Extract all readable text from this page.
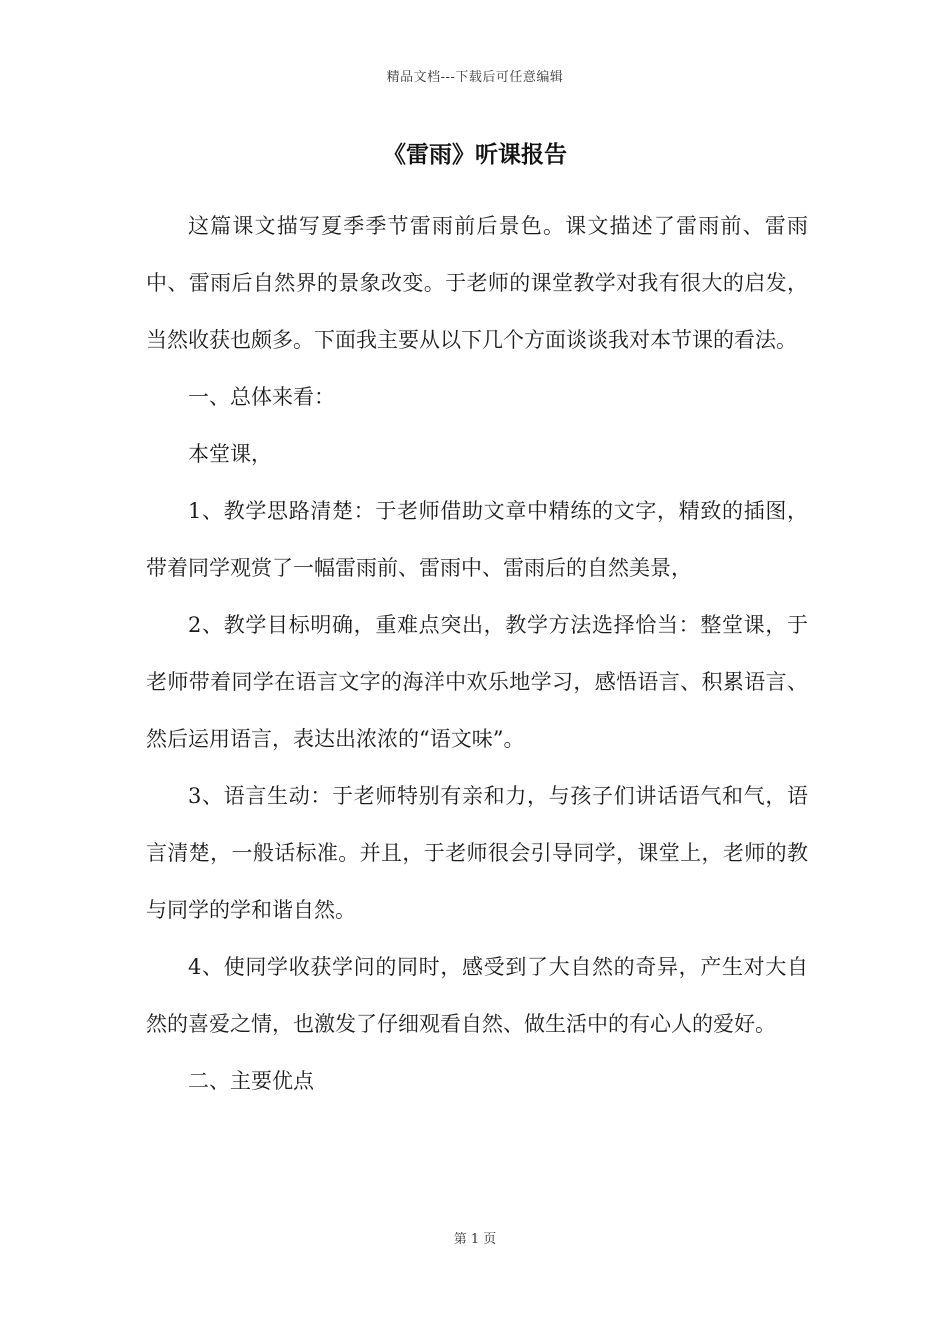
精品文档---下载后可任意编辑
《雷雨》听课报告

这篇课文描写夏季季节雷雨前后景色。课文描述了雷雨前、雷雨中、雷雨后自然界的景象改变。于老师的课堂教学对我有很大的启发，当然收获也颇多。下面我主要从以下几个方面谈谈我对本节课的看法。

一、总体来看：

本堂课，

1、教学思路清楚：于老师借助文章中精练的文字，精致的插图，带着同学观赏了一幅雷雨前、雷雨中、雷雨后的自然美景，

2、教学目标明确，重难点突出，教学方法选择恰当：整堂课，于老师带着同学在语言文字的海洋中欢乐地学习，感悟语言、积累语言、然后运用语言，表达出浓浓的“语文味”。

3、语言生动：于老师特别有亲和力，与孩子们讲话语气和气，语言清楚，一般话标准。并且，于老师很会引导同学，课堂上，老师的教与同学的学和谐自然。

4、使同学收获学问的同时，感受到了大自然的奇异，产生对大自然的喜爱之情，也激发了仔细观看自然、做生活中的有心人的爱好。

二、主要优点

第 1 页
